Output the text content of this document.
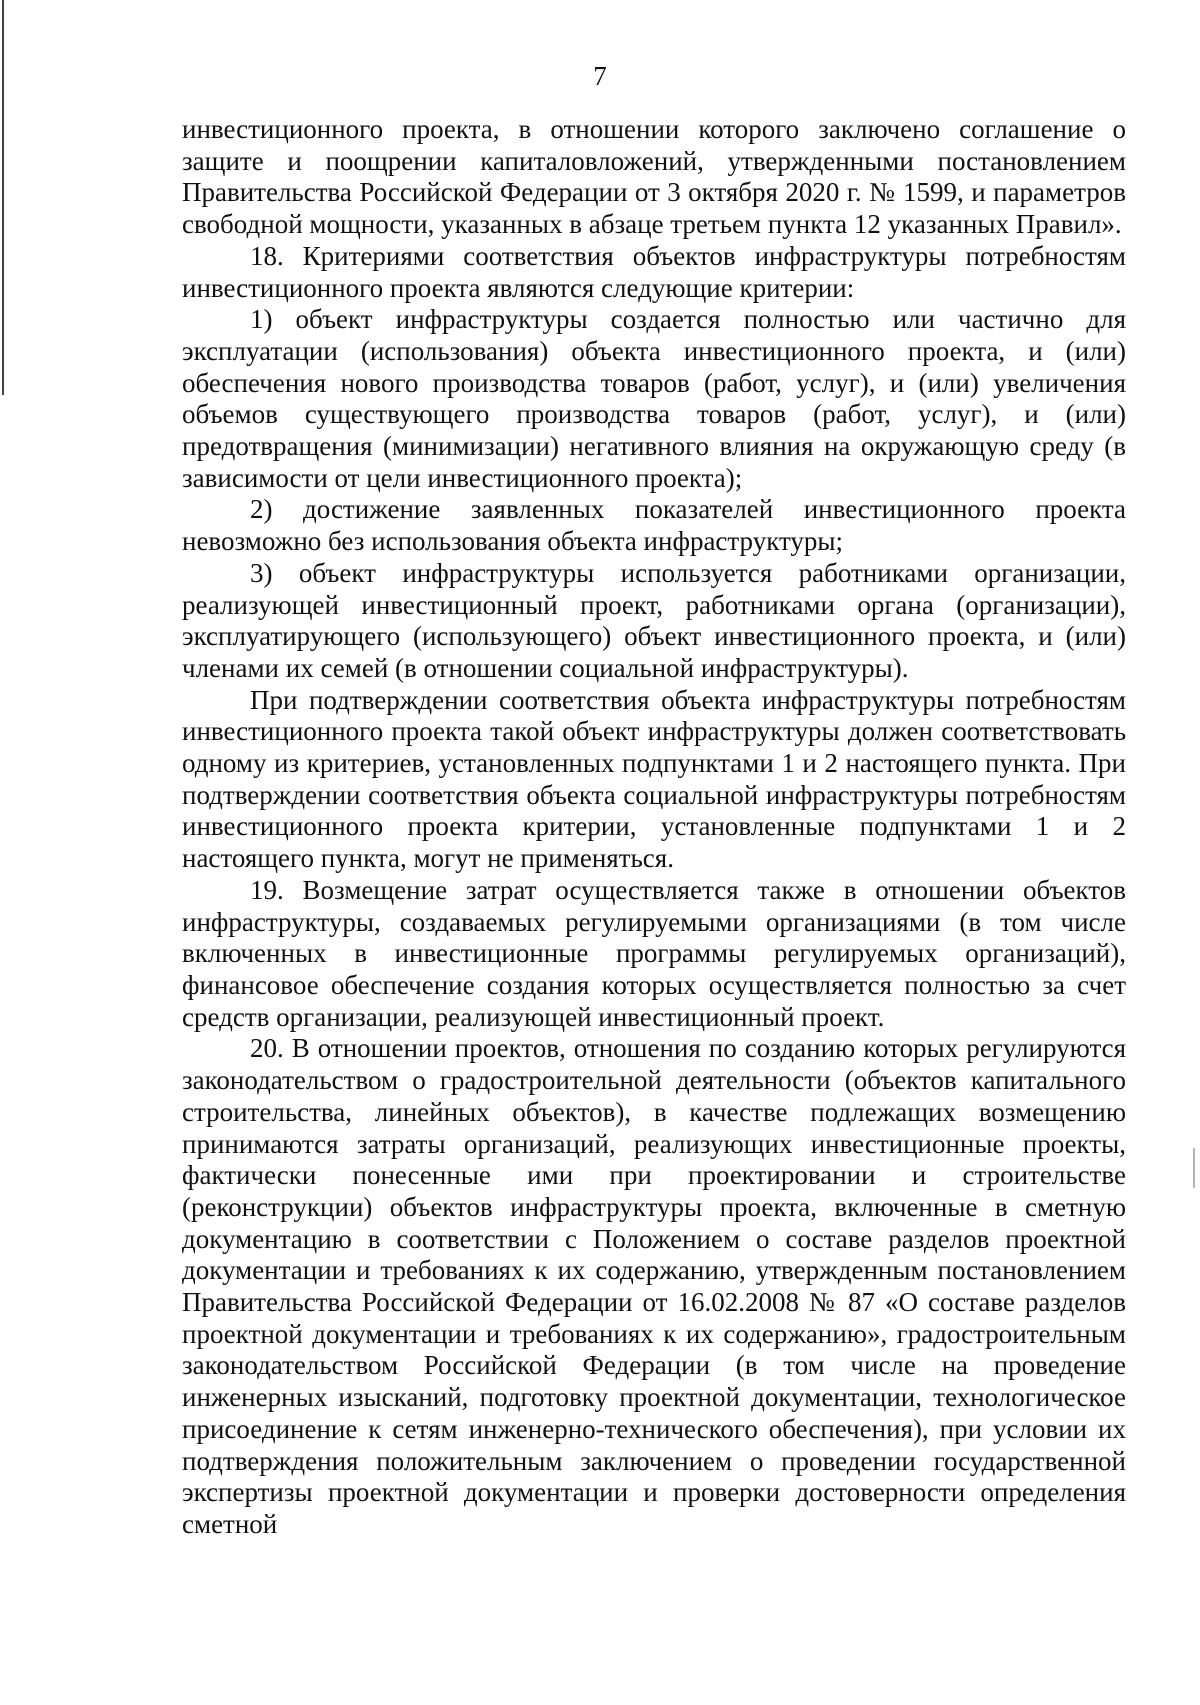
7

инвестиционного проекта, в отношении которого заключено соглашение о защите и поощрении капиталовложений, утвержденными постановлением Правительства Российской Федерации от 3 октября 2020 г. № 1599, и параметров свободной мощности, указанных в абзаце третьем пункта 12 указанных Правил».

18. Критериями соответствия объектов инфраструктуры потребностям инвестиционного проекта являются следующие критерии:

1) объект инфраструктуры создается полностью или частично для эксплуатации (использования) объекта инвестиционного проекта, и (или) обеспечения нового производства товаров (работ, услуг), и (или) увеличения объемов существующего производства товаров (работ, услуг), и (или) предотвращения (минимизации) негативного влияния на окружающую среду (в зависимости от цели инвестиционного проекта);

2) достижение заявленных показателей инвестиционного проекта невозможно без использования объекта инфраструктуры;

3) объект инфраструктуры используется работниками организации, реализующей инвестиционный проект, работниками органа (организации), эксплуатирующего (использующего) объект инвестиционного проекта, и (или) членами их семей (в отношении социальной инфраструктуры).

При подтверждении соответствия объекта инфраструктуры потребностям инвестиционного проекта такой объект инфраструктуры должен соответствовать одному из критериев, установленных подпунктами 1 и 2 настоящего пункта. При подтверждении соответствия объекта социальной инфраструктуры потребностям инвестиционного проекта критерии, установленные подпунктами 1 и 2 настоящего пункта, могут не применяться.

19. Возмещение затрат осуществляется также в отношении объектов инфраструктуры, создаваемых регулируемыми организациями (в том числе включенных в инвестиционные программы регулируемых организаций), финансовое обеспечение создания которых осуществляется полностью за счет средств организации, реализующей инвестиционный проект.

20. В отношении проектов, отношения по созданию которых регулируются законодательством о градостроительной деятельности (объектов капитального строительства, линейных объектов), в качестве подлежащих возмещению принимаются затраты организаций, реализующих инвестиционные проекты, фактически понесенные ими при проектировании и строительстве (реконструкции) объектов инфраструктуры проекта, включенные в сметную документацию в соответствии с Положением о составе разделов проектной документации и требованиях к их содержанию, утвержденным постановлением Правительства Российской Федерации от 16.02.2008 № 87 «О составе разделов проектной документации и требованиях к их содержанию», градостроительным законодательством Российской Федерации (в том числе на проведение инженерных изысканий, подготовку проектной документации, технологическое присоединение к сетям инженерно-технического обеспечения), при условии их подтверждения положительным заключением о проведении государственной экспертизы проектной документации и проверки достоверности определения сметной
